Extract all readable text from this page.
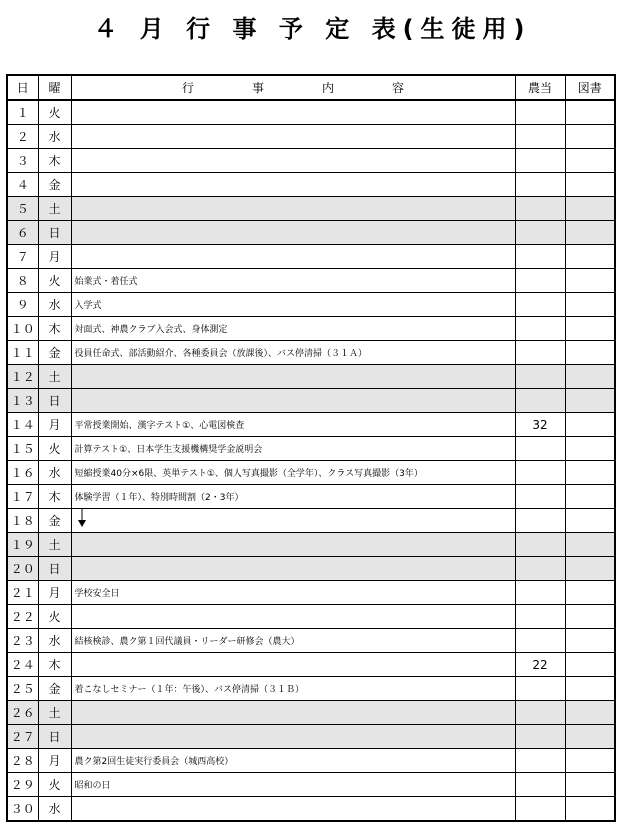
４ 月 行 事 予 定 表(生徒用)
日	曜	行事内容	農当	図書
１	火			
２	水			
３	木			
４	金			
５	土			
６	日			
７	月			
８	火	始業式・着任式		
９	水	入学式		
１０	木	対面式、神農クラブ入会式、身体測定		
１１	金	役員任命式、部活動紹介、各種委員会（放課後）、バス停清掃（３１Ａ）		
１２	土			
１３	日			
１４	月	平常授業開始、漢字テスト①、心電図検査	32	
１５	火	計算テスト①、日本学生支援機構奨学金説明会		
１６	水	短縮授業40分×6限、英単テスト①、個人写真撮影（全学年）、クラス写真撮影（3年）		
１７	木	体験学習（１年）、特別時間割（2・3年）		
１８	金	

１９	土			
２０	日			
２１	月	学校安全日		
２２	火			
２３	水	結核検診、農ク第１回代議員・リーダー研修会（農大）		
２４	木		22	
２５	金	着こなしセミナー（１年：午後）、バス停清掃（３１Ｂ）		
２６	土			
２７	日			
２８	月	農ク第2回生徒実行委員会（城西高校）		
２９	火	昭和の日		
３０	水			
